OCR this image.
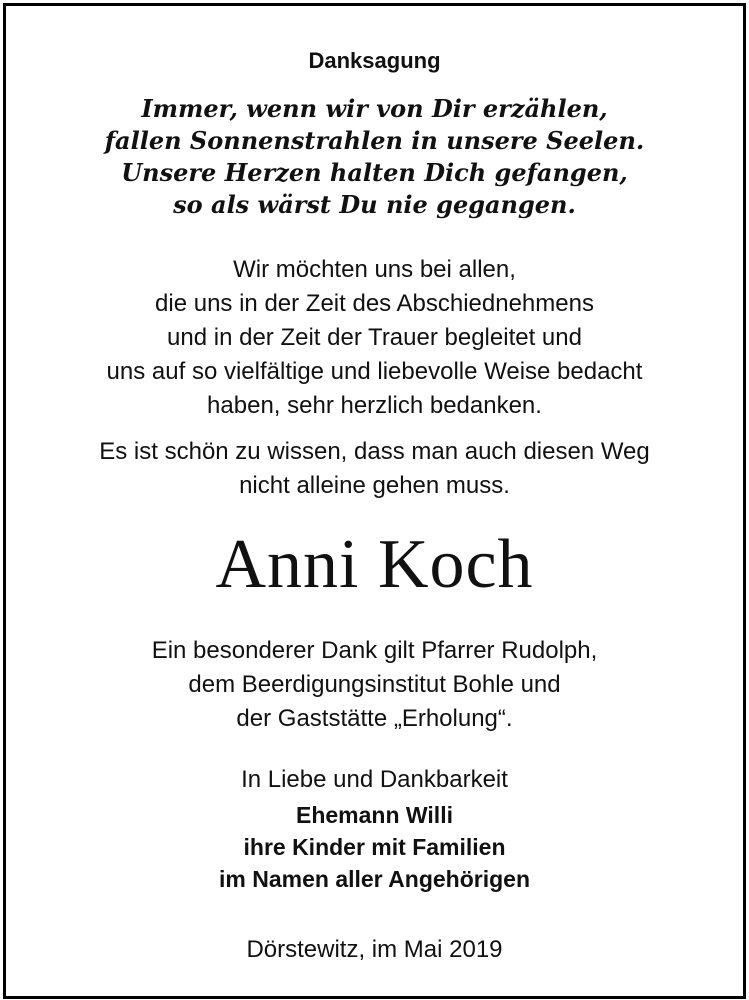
Danksagung
Immer, wenn wir von Dir erzählen,
fallen Sonnenstrahlen in unsere Seelen.
Unsere Herzen halten Dich gefangen,
so als wärst Du nie gegangen.
Wir möchten uns bei allen,
die uns in der Zeit des Abschiednehmens
und in der Zeit der Trauer begleitet und
uns auf so vielfältige und liebevolle Weise bedacht
haben, sehr herzlich bedanken.
Es ist schön zu wissen, dass man auch diesen Weg
nicht alleine gehen muss.
Anni Koch
Ein besonderer Dank gilt Pfarrer Rudolph,
dem Beerdigungsinstitut Bohle und
der Gaststätte „Erholung“.
In Liebe und Dankbarkeit
Ehemann Willi
ihre Kinder mit Familien
im Namen aller Angehörigen
Dörstewitz, im Mai 2019
